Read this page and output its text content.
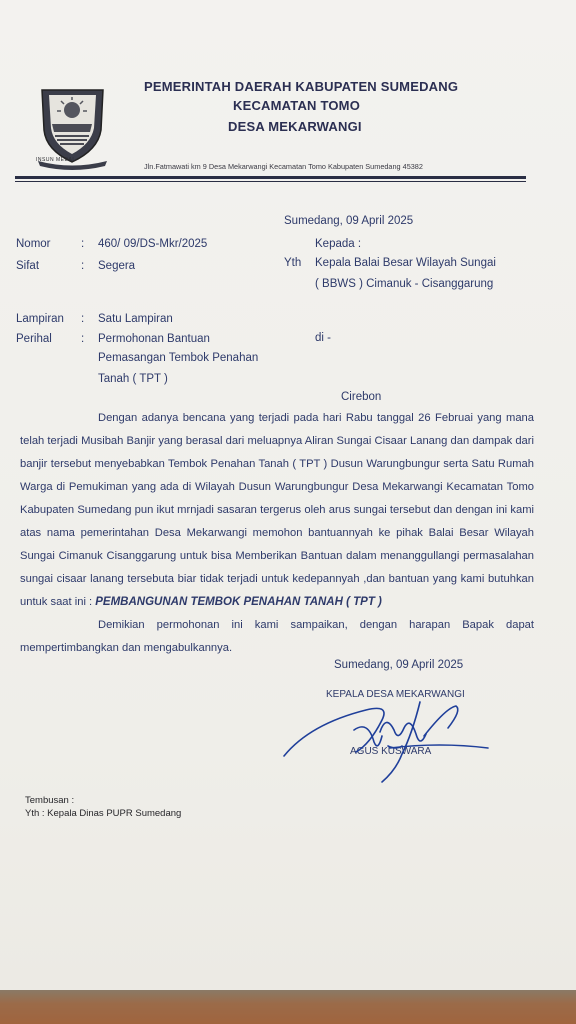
INSUN MEDAL
PEMERINTAH DAERAH KABUPATEN SUMEDANG
KECAMATAN TOMO
DESA MEKARWANGI
Jln.Fatmawati km 9 Desa Mekarwangi Kecamatan Tomo Kabupaten Sumedang 45382
Sumedang, 09 April 2025
Nomor	: 460/ 09/DS-Mkr/2025
Sifat	: Segera
Lampiran : Satu Lampiran
Perihal	: Permohonan Bantuan
Pemasangan Tembok Penahan
Tanah ( TPT )
Kepada :
Yth Kepala Balai Besar Wilayah Sungai
( BBWS ) Cimanuk - Cisanggarung
di -
Cirebon
Dengan adanya bencana yang terjadi pada hari Rabu tanggal 26 Februai yang mana telah terjadi Musibah Banjir yang berasal dari meluapnya Aliran Sungai Cisaar Lanang dan dampak dari banjir tersebut menyebabkan Tembok Penahan Tanah ( TPT ) Dusun Warungbungur serta Satu Rumah Warga di Pemukiman yang ada di Wilayah Dusun Warungbungur Desa Mekarwangi Kecamatan Tomo Kabupaten Sumedang pun ikut mrnjadi sasaran tergerus oleh arus sungai tersebut dan dengan ini kami atas nama pemerintahan Desa Mekarwangi memohon bantuannyah ke pihak Balai Besar Wilayah Sungai Cimanuk Cisanggarung untuk bisa Memberikan Bantuan dalam menanggullangi permasalahan sungai cisaar lanang tersebuta biar tidak terjadi untuk kedepannyah ,dan bantuan yang kami butuhkan untuk saat ini : PEMBANGUNAN TEMBOK PENAHAN TANAH ( TPT )
Demikian permohonan ini kami sampaikan, dengan harapan Bapak dapat mempertimbangkan dan mengabulkannya.
Sumedang, 09 April 2025
KEPALA DESA MEKARWANGI
AGUS KUSWARA
Tembusan :
Yth : Kepala Dinas PUPR Sumedang
